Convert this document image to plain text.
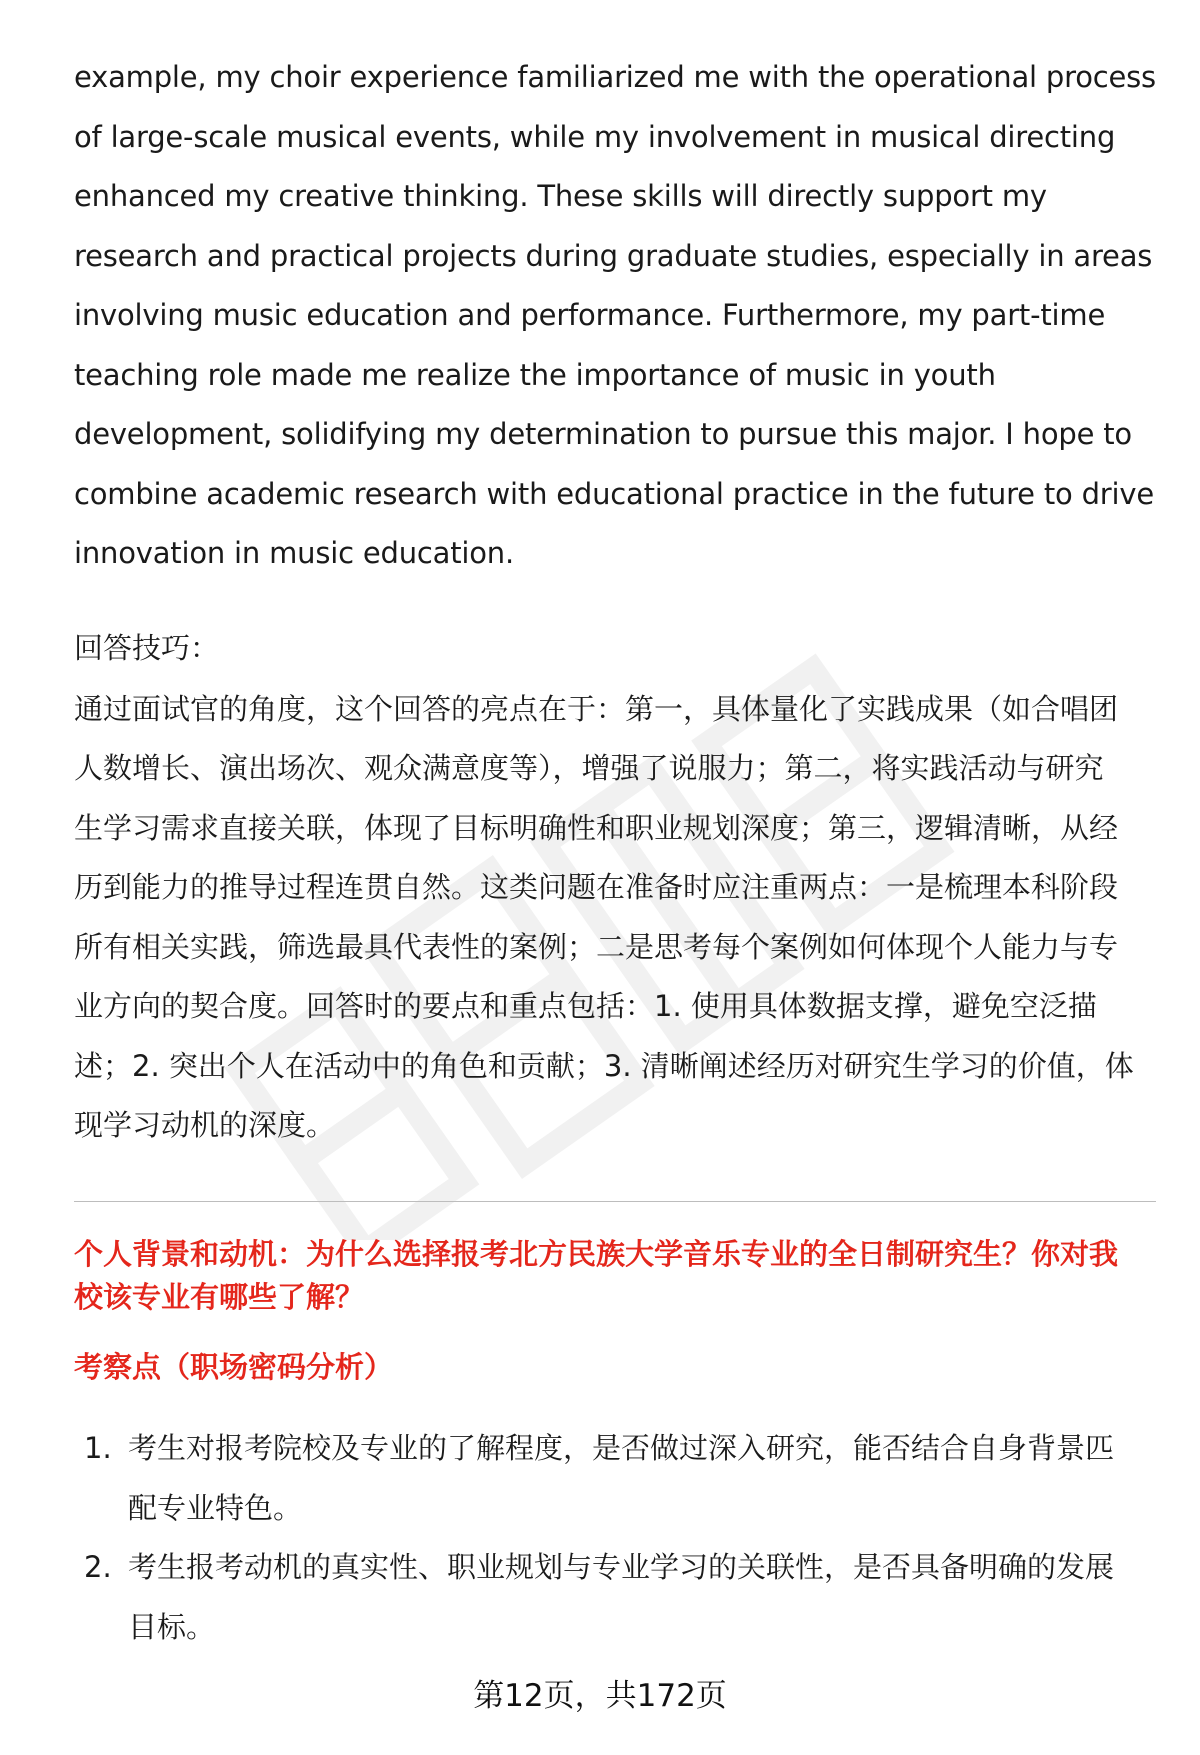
example, my choir experience familiarized me with the operational process
of large-scale musical events, while my involvement in musical directing
enhanced my creative thinking. These skills will directly support my
research and practical projects during graduate studies, especially in areas
involving music education and performance. Furthermore, my part-time
teaching role made me realize the importance of music in youth
development, solidifying my determination to pursue this major. I hope to
combine academic research with educational practice in the future to drive
innovation in music education.
回答技巧：
通过面试官的角度，这个回答的亮点在于：第一，具体量化了实践成果（如合唱团
人数增长、演出场次、观众满意度等），增强了说服力；第二，将实践活动与研究
生学习需求直接关联，体现了目标明确性和职业规划深度；第三，逻辑清晰，从经
历到能力的推导过程连贯自然。这类问题在准备时应注重两点：一是梳理本科阶段
所有相关实践，筛选最具代表性的案例；二是思考每个案例如何体现个人能力与专
业方向的契合度。回答时的要点和重点包括：1. 使用具体数据支撑，避免空泛描
述；2. 突出个人在活动中的角色和贡献；3. 清晰阐述经历对研究生学习的价值，体
现学习动机的深度。
个人背景和动机：为什么选择报考北方民族大学音乐专业的全日制研究生？你对我
校该专业有哪些了解？
考察点（职场密码分析）
1. 考生对报考院校及专业的了解程度，是否做过深入研究，能否结合自身背景匹
配专业特色。
2. 考生报考动机的真实性、职业规划与专业学习的关联性，是否具备明确的发展
目标。
第12页，共172页
